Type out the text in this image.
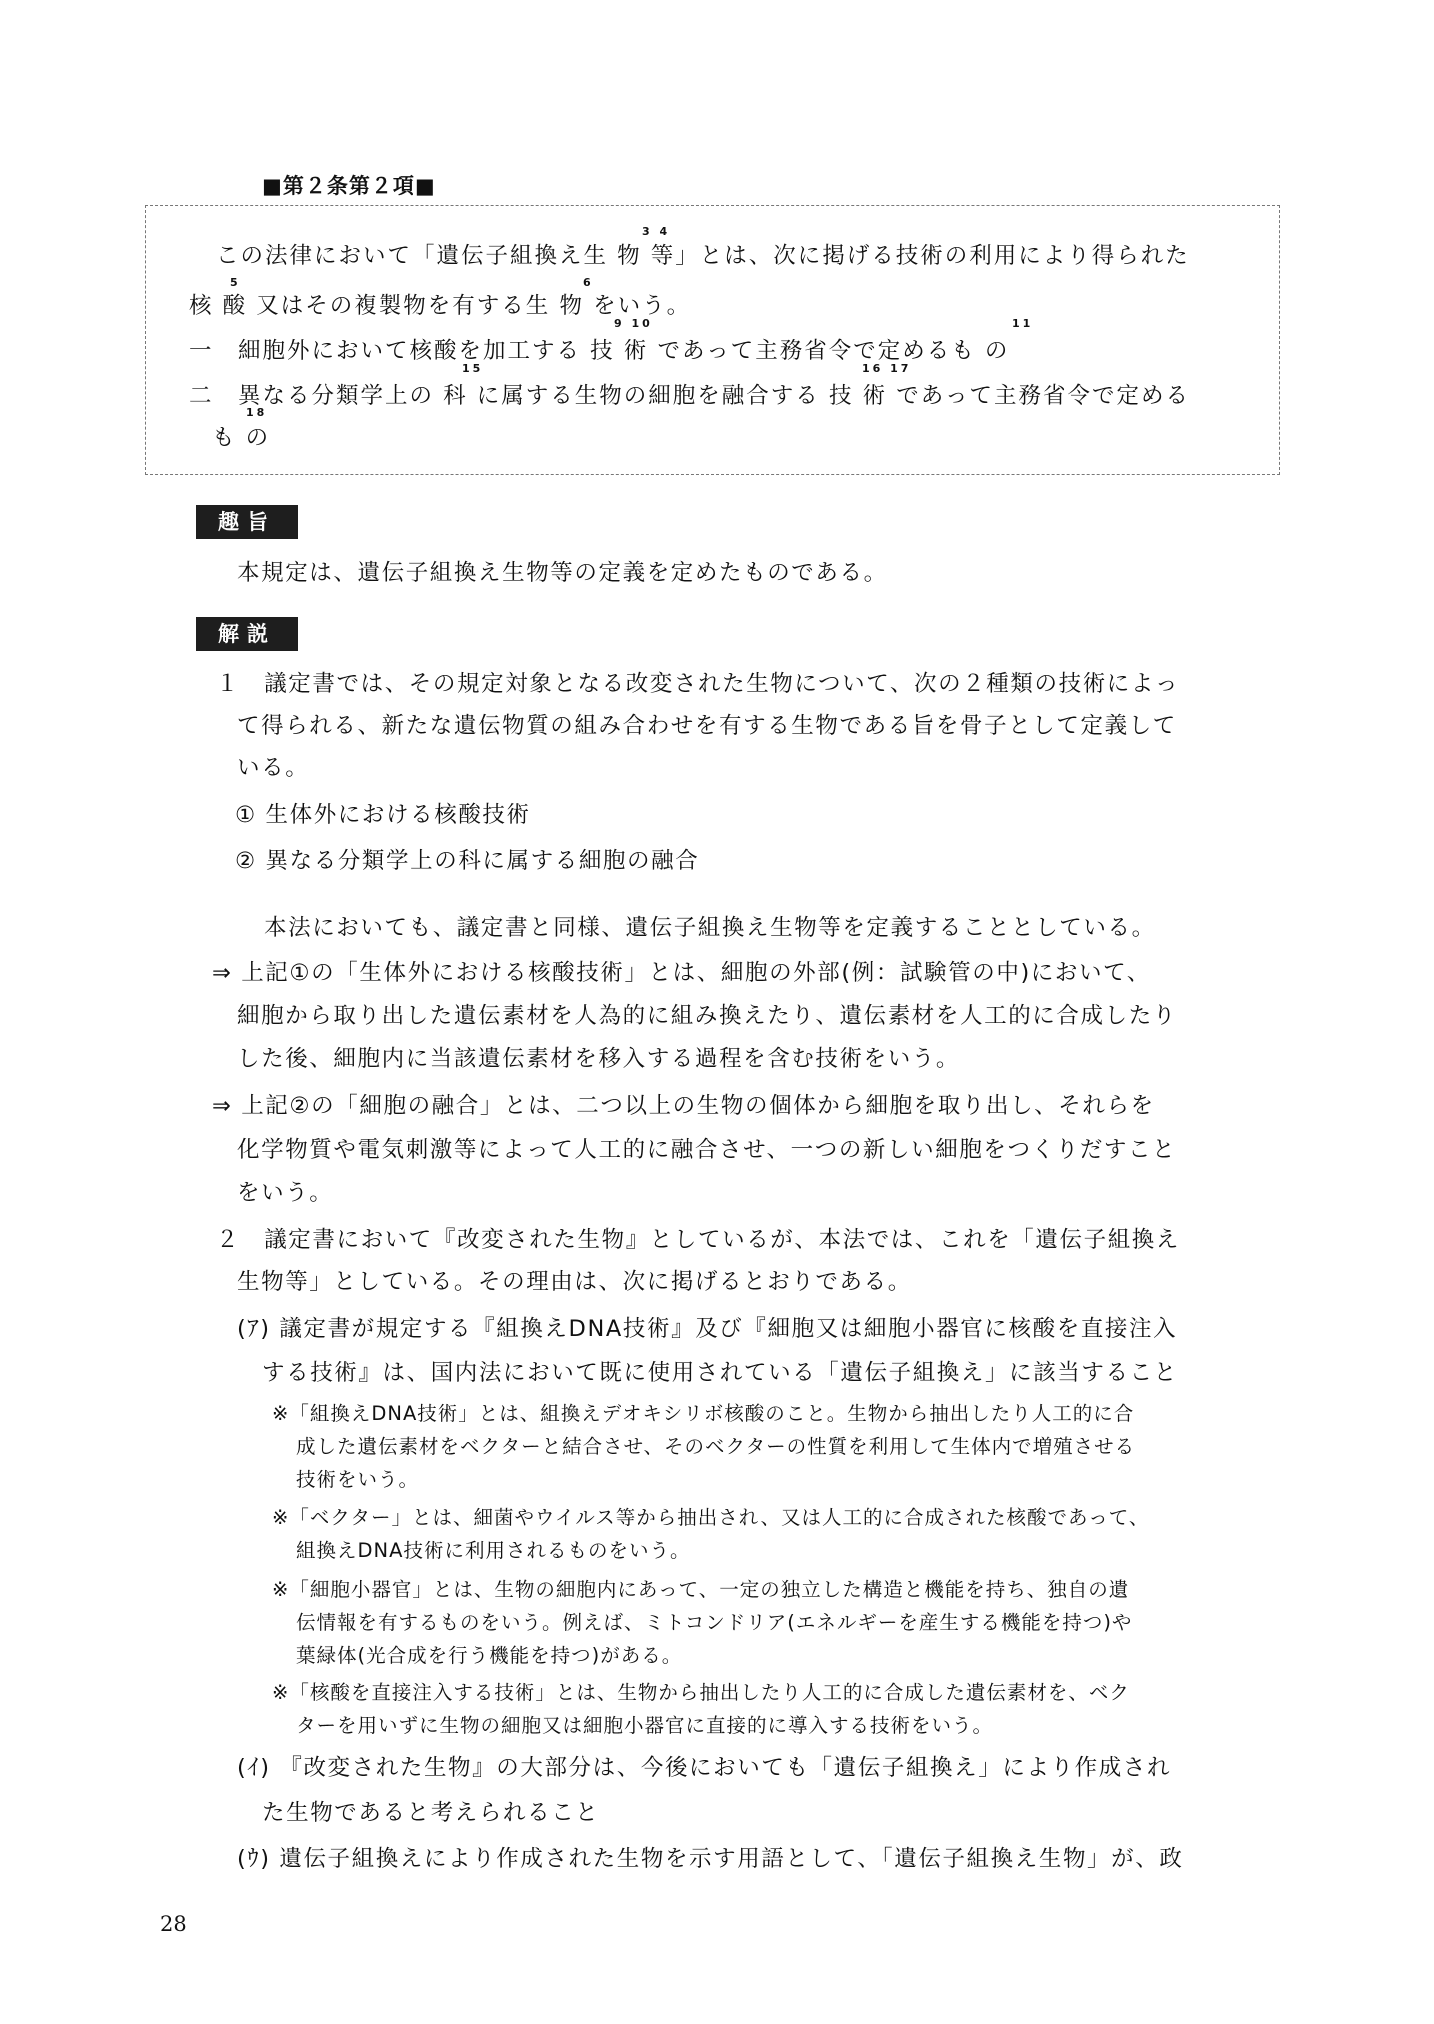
■第２条第２項■
3 4
5	6
9 10	11
15	16 17
18
この法律において「遺伝子組換え生 物 等」とは、次に掲げる技術の利用により得られた
核 酸 又はその複製物を有する生 物 をいう。
一　細胞外において核酸を加工する 技 術 であって主務省令で定めるも の
二　異なる分類学上の 科 に属する生物の細胞を融合する 技 術 であって主務省令で定める
も の
趣旨
本規定は、遺伝子組換え生物等の定義を定めたものである。
解説
１　議定書では、その規定対象となる改変された生物について、次の２種類の技術によっ
て得られる、新たな遺伝物質の組み合わせを有する生物である旨を骨子として定義して
いる。
① 生体外における核酸技術
② 異なる分類学上の科に属する細胞の融合
本法においても、議定書と同様、遺伝子組換え生物等を定義することとしている。
⇒ 上記①の「生体外における核酸技術」とは、細胞の外部(例：試験管の中)において、
細胞から取り出した遺伝素材を人為的に組み換えたり、遺伝素材を人工的に合成したり
した後、細胞内に当該遺伝素材を移入する過程を含む技術をいう。
⇒ 上記②の「細胞の融合」とは、二つ以上の生物の個体から細胞を取り出し、それらを
化学物質や電気刺激等によって人工的に融合させ、一つの新しい細胞をつくりだすこと
をいう。
２　議定書において『改変された生物』としているが、本法では、これを「遺伝子組換え
生物等」としている。その理由は、次に掲げるとおりである。
(ｱ) 議定書が規定する『組換えDNA技術』及び『細胞又は細胞小器官に核酸を直接注入
する技術』は、国内法において既に使用されている「遺伝子組換え」に該当すること
※「組換えDNA技術」とは、組換えデオキシリボ核酸のこと。生物から抽出したり人工的に合
成した遺伝素材をベクターと結合させ、そのベクターの性質を利用して生体内で増殖させる
技術をいう。
※「ベクター」とは、細菌やウイルス等から抽出され、又は人工的に合成された核酸であって、
組換えDNA技術に利用されるものをいう。
※「細胞小器官」とは、生物の細胞内にあって、一定の独立した構造と機能を持ち、独自の遺
伝情報を有するものをいう。例えば、ミトコンドリア(エネルギーを産生する機能を持つ)や
葉緑体(光合成を行う機能を持つ)がある。
※「核酸を直接注入する技術」とは、生物から抽出したり人工的に合成した遺伝素材を、ベク
ターを用いずに生物の細胞又は細胞小器官に直接的に導入する技術をいう。
(ｲ) 『改変された生物』の大部分は、今後においても「遺伝子組換え」により作成され
た生物であると考えられること
(ｳ) 遺伝子組換えにより作成された生物を示す用語として、「遺伝子組換え生物」が、政
28
